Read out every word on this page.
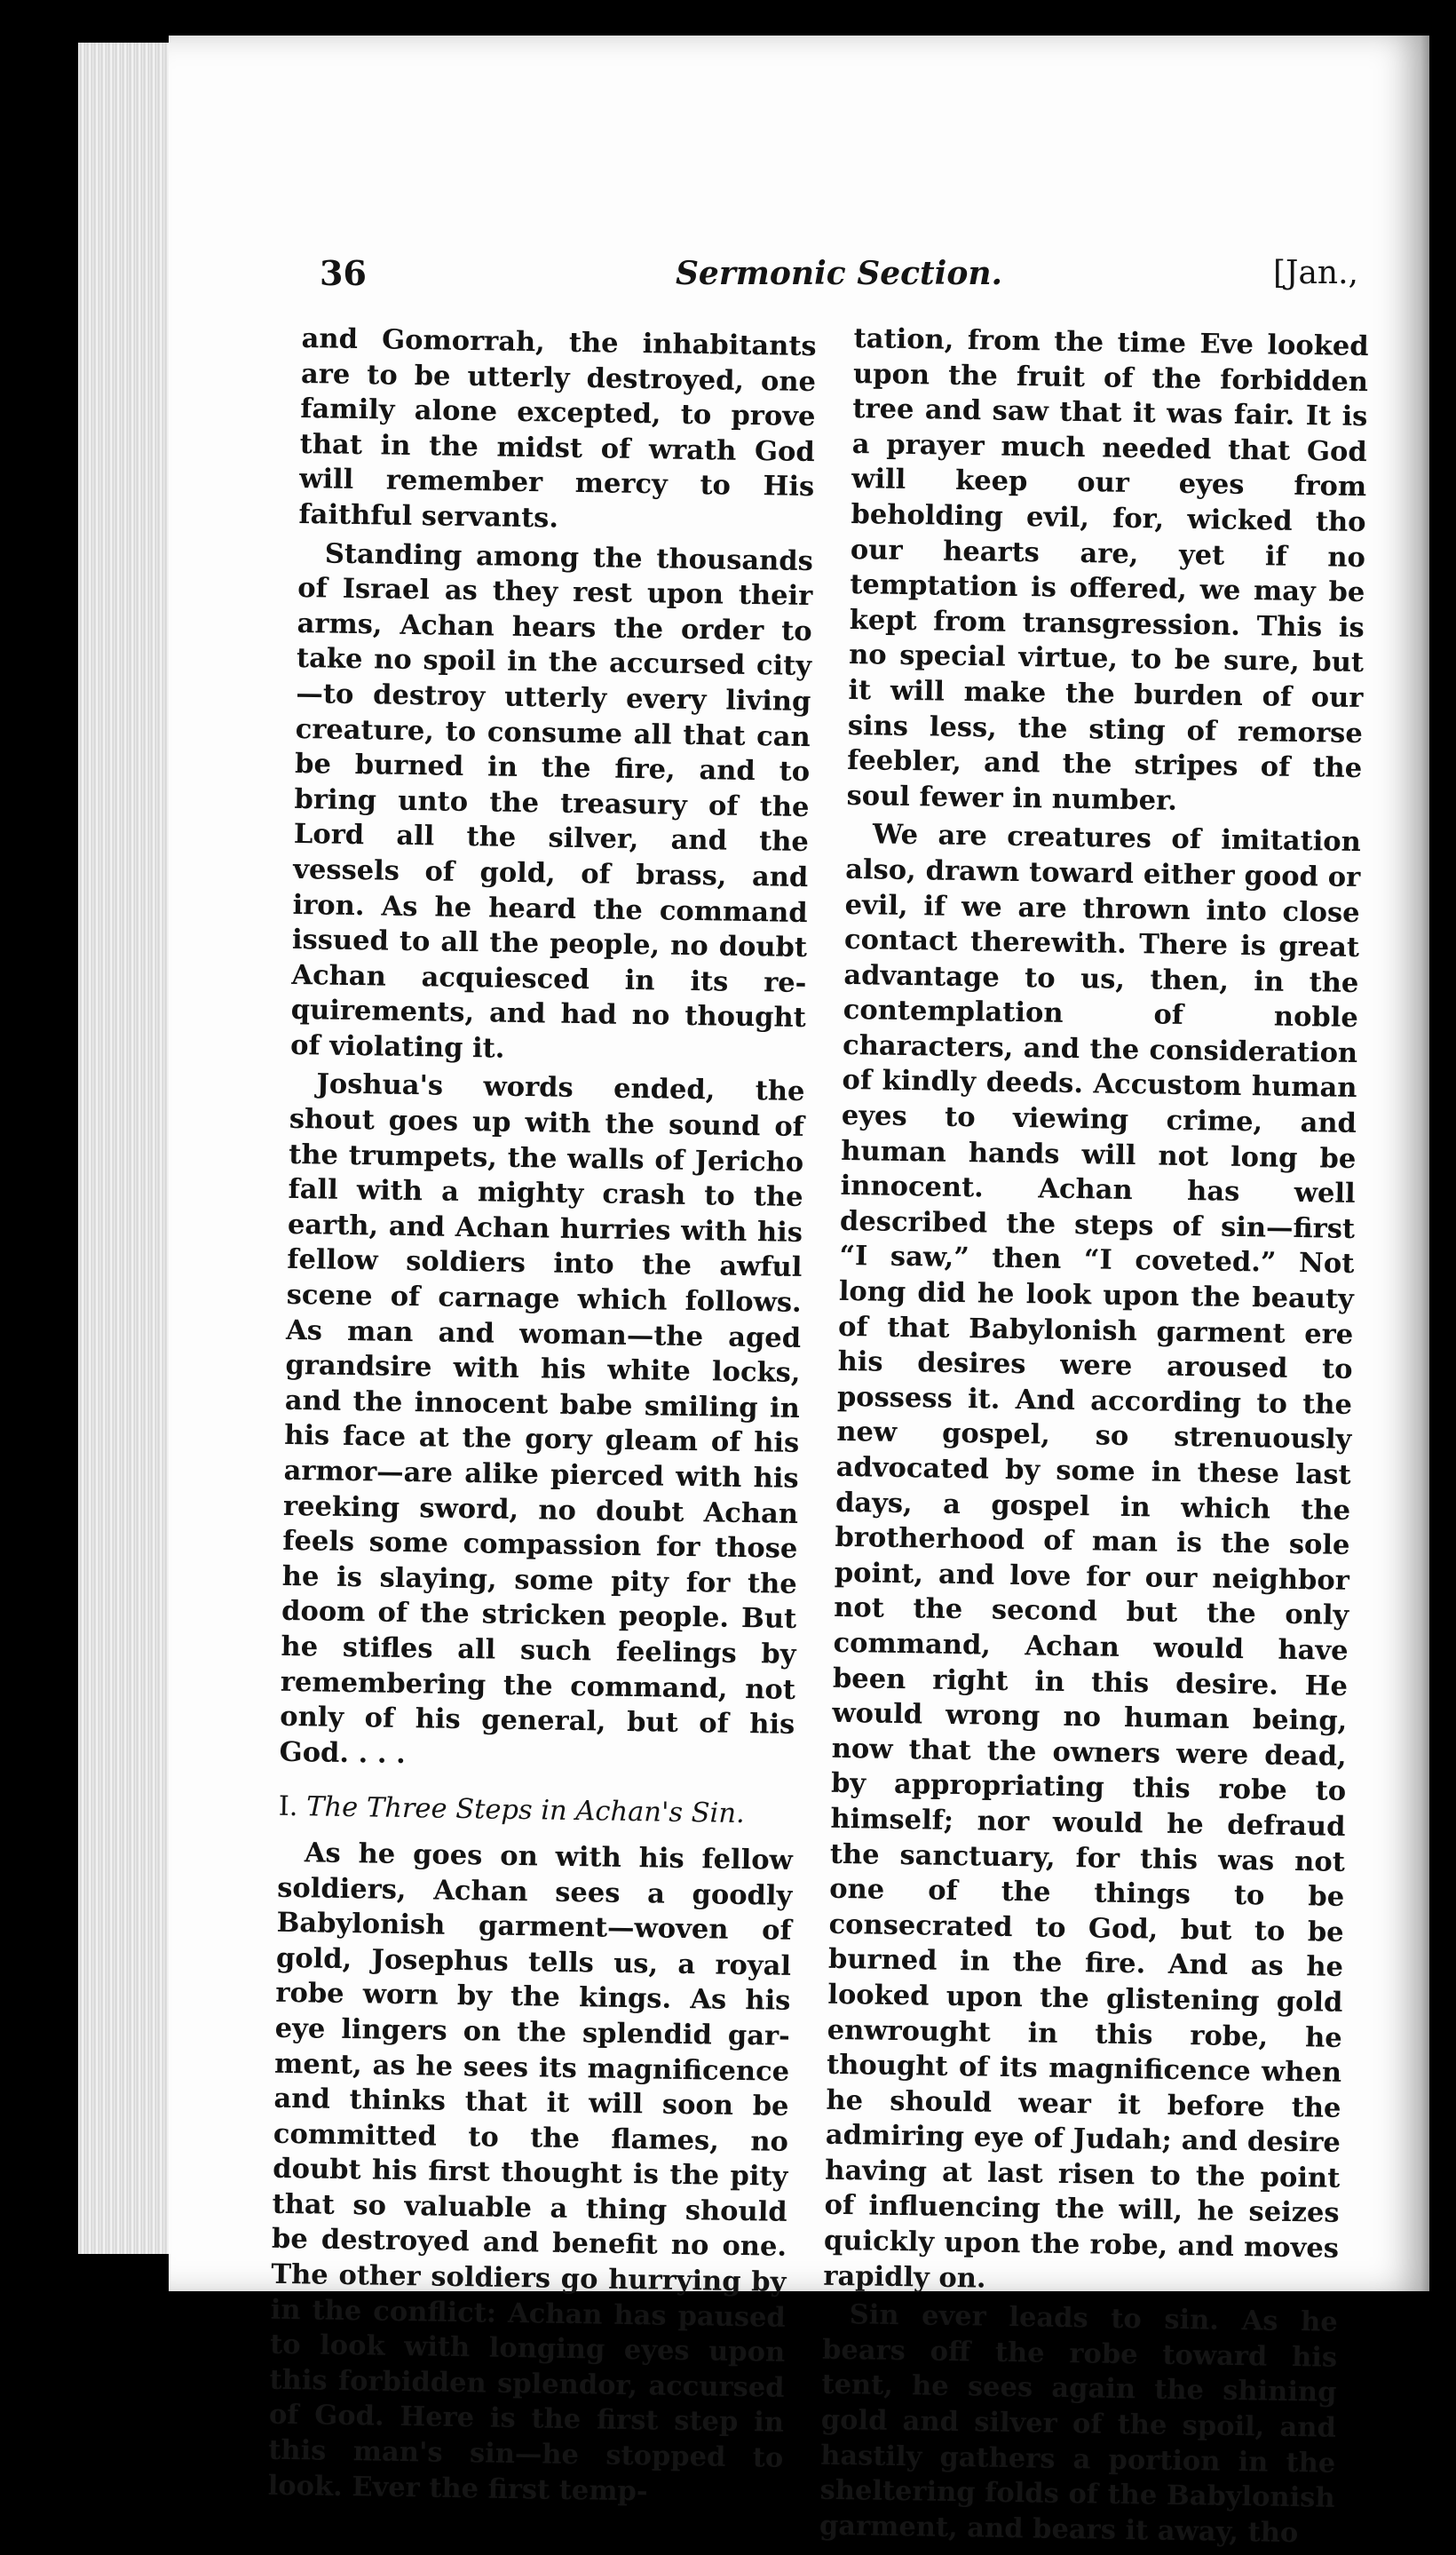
36	Sermonic Section.	[Jan.,

and Gomorrah, the inhabitants are to be utterly destroyed, one family alone excepted, to prove that in the midst of wrath God will remember mercy to His faithful servants.

Standing among the thousands of Israel as they rest upon their arms, Achan hears the order to take no spoil in the accursed city—to destroy utterly every living creature, to consume all that can be burned in the fire, and to bring unto the treasury of the Lord all the silver, and the vessels of gold, of brass, and iron. As he heard the command issued to all the people, no doubt Achan acquiesced in its requirements, and had no thought of violating it.

Joshua's words ended, the shout goes up with the sound of the trumpets, the walls of Jericho fall with a mighty crash to the earth, and Achan hurries with his fellow soldiers into the awful scene of carnage which follows. As man and woman—the aged grandsire with his white locks, and the innocent babe smiling in his face at the gory gleam of his armor—are alike pierced with his reeking sword, no doubt Achan feels some compassion for those he is slaying, some pity for the doom of the stricken people. But he stifles all such feelings by remembering the command, not only of his general, but of his God. . . .

I. The Three Steps in Achan's Sin.

As he goes on with his fellow soldiers, Achan sees a goodly Babylonish garment—woven of gold, Josephus tells us, a royal robe worn by the kings. As his eye lingers on the splendid garment, as he sees its magnificence and thinks that it will soon be committed to the flames, no doubt his first thought is the pity that so valuable a thing should be destroyed and benefit no one. The other soldiers go hurrying by in the conflict: Achan has paused to look with longing eyes upon this forbidden splendor, accursed of God. Here is the first step in this man's sin—he stopped to look. Ever the first temp-

tation, from the time Eve looked upon the fruit of the forbidden tree and saw that it was fair. It is a prayer much needed that God will keep our eyes from beholding evil, for, wicked tho our hearts are, yet if no temptation is offered, we may be kept from transgression. This is no special virtue, to be sure, but it will make the burden of our sins less, the sting of remorse feebler, and the stripes of the soul fewer in number.

We are creatures of imitation also, drawn toward either good or evil, if we are thrown into close contact therewith. There is great advantage to us, then, in the contemplation of noble characters, and the consideration of kindly deeds. Accustom human eyes to viewing crime, and human hands will not long be innocent. Achan has well described the steps of sin—first “I saw,” then “I coveted.” Not long did he look upon the beauty of that Babylonish garment ere his desires were aroused to possess it. And according to the new gospel, so strenuously advocated by some in these last days, a gospel in which the brotherhood of man is the sole point, and love for our neighbor not the second but the only command, Achan would have been right in this desire. He would wrong no human being, now that the owners were dead, by appropriating this robe to himself; nor would he defraud the sanctuary, for this was not one of the things to be consecrated to God, but to be burned in the fire. And as he looked upon the glistening gold enwrought in this robe, he thought of its magnificence when he should wear it before the admiring eye of Judah; and desire having at last risen to the point of influencing the will, he seizes quickly upon the robe, and moves rapidly on.

Sin ever leads to sin. As he bears off the robe toward his tent, he sees again the shining gold and silver of the spoil, and hastily gathers a portion in the sheltering folds of the Babylonish garment, and bears it away, tho
